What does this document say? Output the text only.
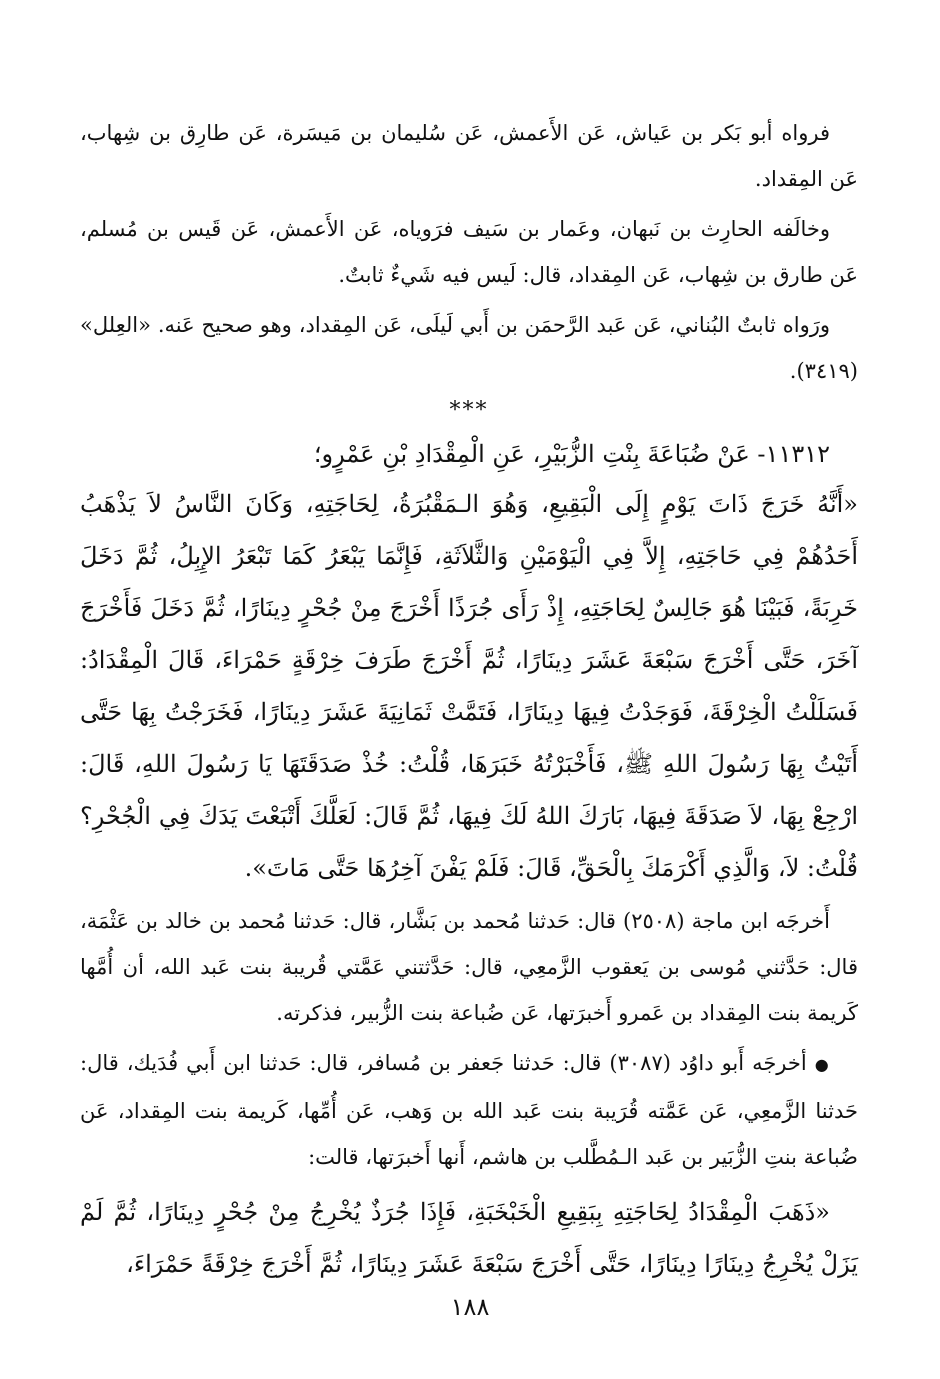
فرواه أبو بَكر بن عَياش، عَن الأَعمش، عَن سُليمان بن مَيسَرة، عَن طارِق بن شِهاب، عَن المِقداد.

وخالَفه الحارِث بن نَبهان، وعَمار بن سَيف فرَوياه، عَن الأَعمش، عَن قَيس بن مُسلم، عَن طارق بن شِهاب، عَن المِقداد، قال: لَيس فيه شَيءٌ ثابتٌ.

ورَواه ثابتٌ البُناني، عَن عَبد الرَّحمَن بن أَبي لَيلَى، عَن المِقداد، وهو صحيح عَنه. «العِلل» (٣٤١٩).

***

١١٣١٢- عَنْ ضُبَاعَةَ بِنْتِ الزُّبَيْرِ، عَنِ الْمِقْدَادِ بْنِ عَمْرٍو؛

«أَنَّهُ خَرَجَ ذَاتَ يَوْمٍ إِلَى الْبَقِيعِ، وَهُوَ الـمَقْبُرَةُ، لِحَاجَتِهِ، وَكَانَ النَّاسُ لاَ يَذْهَبُ أَحَدُهُمْ فِي حَاجَتِهِ، إِلاَّ فِي الْيَوْمَيْنِ وَالثَّلاَثَةِ، فَإِنَّمَا يَبْعَرُ كَمَا تَبْعَرُ الإِبِلُ، ثُمَّ دَخَلَ خَرِبَةً، فَبَيْنَا هُوَ جَالِسٌ لِحَاجَتِهِ، إِذْ رَأَى جُرَذًا أَخْرَجَ مِنْ جُحْرٍ دِينَارًا، ثُمَّ دَخَلَ فَأَخْرَجَ آخَرَ، حَتَّى أَخْرَجَ سَبْعَةَ عَشَرَ دِينَارًا، ثُمَّ أَخْرَجَ طَرَفَ خِرْقَةٍ حَمْرَاءَ، قَالَ الْمِقْدَادُ: فَسَلَلْتُ الْخِرْقَةَ، فَوَجَدْتُ فِيهَا دِينَارًا، فَتَمَّتْ ثَمَانِيَةَ عَشَرَ دِينَارًا، فَخَرَجْتُ بِهَا حَتَّى أَتَيْتُ بِهَا رَسُولَ اللهِ ﷺ، فَأَخْبَرْتُهُ خَبَرَهَا، قُلْتُ: خُذْ صَدَقَتَهَا يَا رَسُولَ اللهِ، قَالَ: ارْجِعْ بِهَا، لاَ صَدَقَةَ فِيهَا، بَارَكَ اللهُ لَكَ فِيهَا، ثُمَّ قَالَ: لَعَلَّكَ أَتْبَعْتَ يَدَكَ فِي الْجُحْرِ؟ قُلْتُ: لاَ، وَالَّذِي أَكْرَمَكَ بِالْحَقِّ، قَالَ: فَلَمْ يَفْنَ آخِرُهَا حَتَّى مَاتَ».

أَخرجَه ابن ماجة (٢٥٠٨) قال: حَدثنا مُحمد بن بَشَّار، قال: حَدثنا مُحمد بن خالد بن عَثْمَة، قال: حَدَّثني مُوسى بن يَعقوب الزَّمعِي، قال: حَدَّثتني عَمَّتي قُريبة بنت عَبد الله، أن أُمَّها كَريمة بنت المِقداد بن عَمرو أَخبرَتها، عَن ضُباعة بنت الزُّبير، فذكرته.

●أخرجَه أَبو داوُد (٣٠٨٧) قال: حَدثنا جَعفر بن مُسافر، قال: حَدثنا ابن أَبي فُدَيك، قال: حَدثنا الزَّمعِي، عَن عَمَّته قُرَيبة بنت عَبد الله بن وَهب، عَن أُمِّها، كَريمة بنت المِقداد، عَن ضُباعة بنتِ الزُّبَير بن عَبد الـمُطَّلب بن هاشم، أَنها أَخبرَتها، قالت:

«ذَهَبَ الْمِقْدَادُ لِحَاجَتِهِ بِبَقِيعِ الْخَبْخَبَةِ، فَإِذَا جُرَذٌ يُخْرِجُ مِنْ جُحْرٍ دِينَارًا، ثُمَّ لَمْ يَزَلْ يُخْرِجُ دِينَارًا دِينَارًا، حَتَّى أَخْرَجَ سَبْعَةَ عَشَرَ دِينَارًا، ثُمَّ أَخْرَجَ خِرْقَةً حَمْرَاءَ،

١٨٨
